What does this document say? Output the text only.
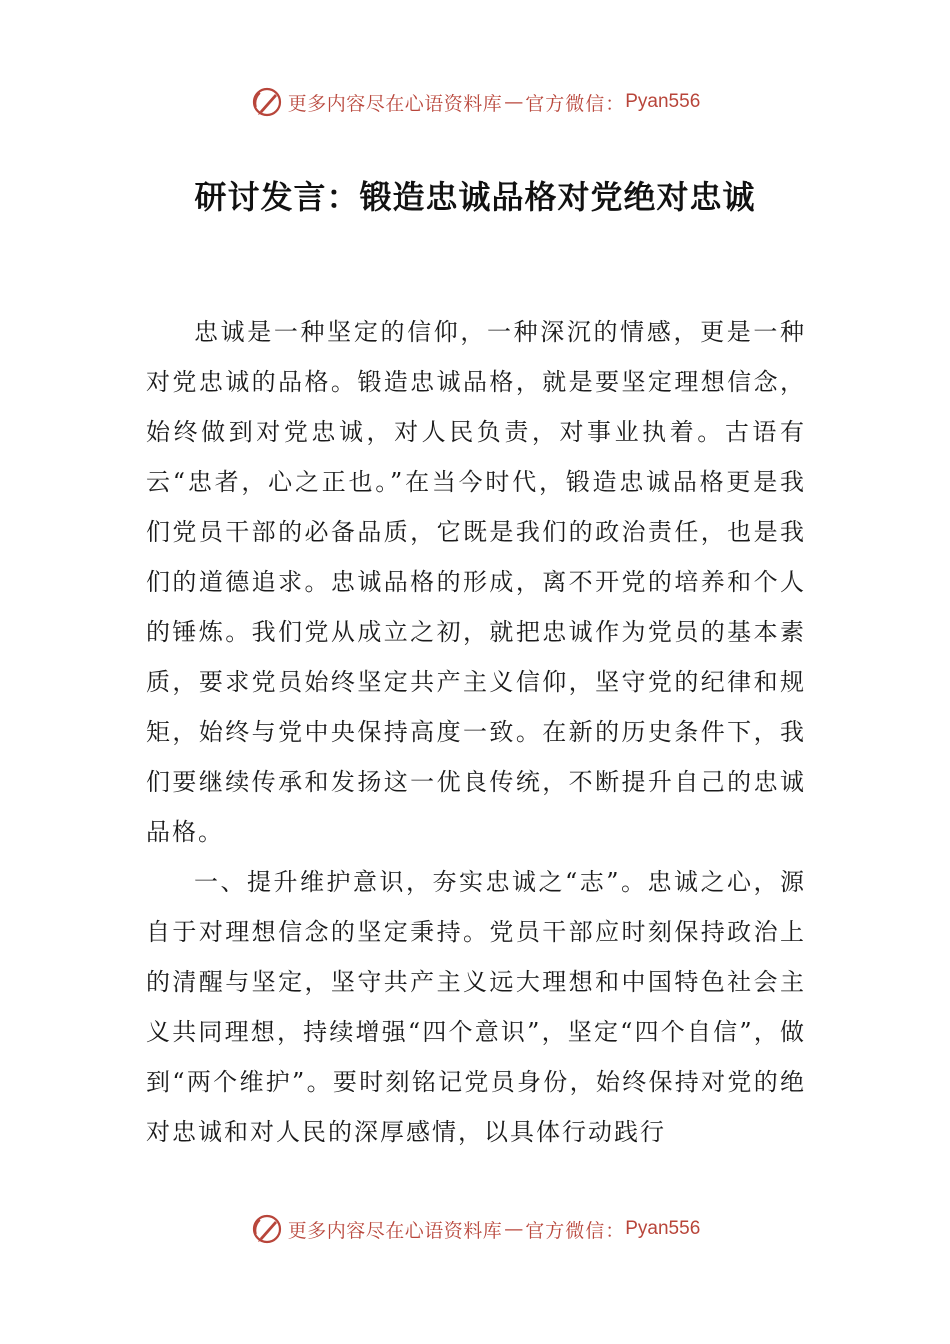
更多内容尽在心语资料库 — 官方微信： Pyan556
研讨发言：锻造忠诚品格对党绝对忠诚

忠诚是一种坚定的信仰，一种深沉的情感，更是一种对党忠诚的品格。锻造忠诚品格，就是要坚定理想信念，始终做到对党忠诚，对人民负责，对事业执着。古语有云“忠者，心之正也。”在当今时代，锻造忠诚品格更是我们党员干部的必备品质，它既是我们的政治责任，也是我们的道德追求。忠诚品格的形成，离不开党的培养和个人的锤炼。我们党从成立之初，就把忠诚作为党员的基本素质，要求党员始终坚定共产主义信仰，坚守党的纪律和规矩，始终与党中央保持高度一致。在新的历史条件下，我们要继续传承和发扬这一优良传统，不断提升自己的忠诚品格。

一、提升维护意识，夯实忠诚之“志”。忠诚之心，源自于对理想信念的坚定秉持。党员干部应时刻保持政治上的清醒与坚定，坚守共产主义远大理想和中国特色社会主义共同理想，持续增强“四个意识”，坚定“四个自信”，做到“两个维护”。要时刻铭记党员身份，始终保持对党的绝对忠诚和对人民的深厚感情，以具体行动践行

更多内容尽在心语资料库 — 官方微信： Pyan556
